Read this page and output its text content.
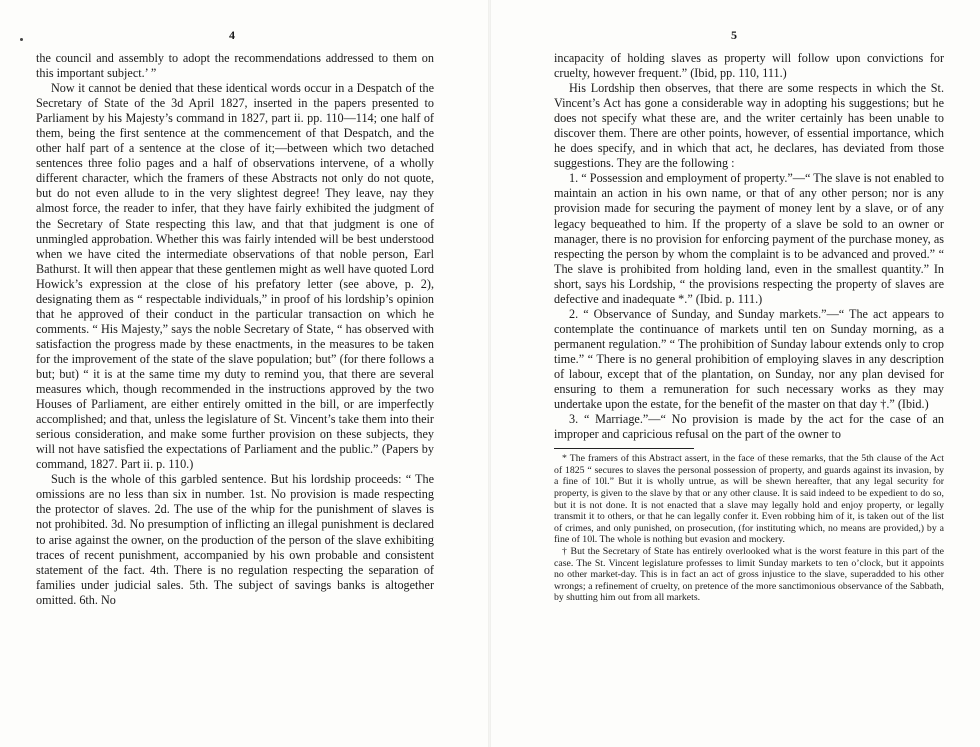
4

the council and assembly to adopt the recommendations addressed to them on this important subject.’ ”

Now it cannot be denied that these identical words occur in a Despatch of the Secretary of State of the 3d April 1827, inserted in the papers presented to Parliament by his Majesty’s command in 1827, part ii. pp. 110—114; one half of them, being the first sentence at the commencement of that Despatch, and the other half part of a sentence at the close of it;—between which two detached sentences three folio pages and a half of observations intervene, of a wholly different character, which the framers of these Abstracts not only do not quote, but do not even allude to in the very slightest degree! They leave, nay they almost force, the reader to infer, that they have fairly exhibited the judgment of the Secretary of State respecting this law, and that that judgment is one of unmingled approbation. Whether this was fairly intended will be best understood when we have cited the intermediate observations of that noble person, Earl Bathurst. It will then appear that these gentlemen might as well have quoted Lord Howick’s expression at the close of his prefatory letter (see above, p. 2), designating them as “ respectable individuals,” in proof of his lordship’s opinion that he approved of their conduct in the particular transaction on which he comments. “ His Majesty,” says the noble Secretary of State, “ has observed with satisfaction the progress made by these enactments, in the measures to be taken for the improvement of the state of the slave population; but” (for there follows a but; but) “ it is at the same time my duty to remind you, that there are several measures which, though recommended in the instructions approved by the two Houses of Parliament, are either entirely omitted in the bill, or are imperfectly accomplished; and that, unless the legislature of St. Vincent’s take them into their serious consideration, and make some further provision on these subjects, they will not have satisfied the expectations of Parliament and the public.” (Papers by command, 1827. Part ii. p. 110.)

Such is the whole of this garbled sentence. But his lordship proceeds: “ The omissions are no less than six in number. 1st. No provision is made respecting the protector of slaves. 2d. The use of the whip for the punishment of slaves is not prohibited. 3d. No presumption of inflicting an illegal punishment is declared to arise against the owner, on the production of the person of the slave exhibiting traces of recent punishment, accompanied by his own probable and consistent statement of the fact. 4th. There is no regulation respecting the separation of families under judicial sales. 5th. The subject of savings banks is altogether omitted. 6th. No

5

incapacity of holding slaves as property will follow upon convictions for cruelty, however frequent.” (Ibid, pp. 110, 111.)

His Lordship then observes, that there are some respects in which the St. Vincent’s Act has gone a considerable way in adopting his suggestions; but he does not specify what these are, and the writer certainly has been unable to discover them. There are other points, however, of essential importance, which he does specify, and in which that act, he declares, has deviated from those suggestions. They are the following :

1. “ Possession and employment of property.”—“ The slave is not enabled to maintain an action in his own name, or that of any other person; nor is any provision made for securing the payment of money lent by a slave, or of any legacy bequeathed to him. If the property of a slave be sold to an owner or manager, there is no provision for enforcing payment of the purchase money, as respecting the person by whom the complaint is to be advanced and proved.” “ The slave is prohibited from holding land, even in the smallest quantity.” In short, says his Lordship, “ the provisions respecting the property of slaves are defective and inadequate *.” (Ibid. p. 111.)

2. “ Observance of Sunday, and Sunday markets.”—“ The act appears to contemplate the continuance of markets until ten on Sunday morning, as a permanent regulation.” “ The prohibition of Sunday labour extends only to crop time.” “ There is no general prohibition of employing slaves in any description of labour, except that of the plantation, on Sunday, nor any plan devised for ensuring to them a remuneration for such necessary works as they may undertake upon the estate, for the benefit of the master on that day †.” (Ibid.)

3. “ Marriage.”—“ No provision is made by the act for the case of an improper and capricious refusal on the part of the owner to

* The framers of this Abstract assert, in the face of these remarks, that the 5th clause of the Act of 1825 “ secures to slaves the personal possession of property, and guards against its invasion, by a fine of 10l.” But it is wholly untrue, as will be shewn hereafter, that any legal security for property, is given to the slave by that or any other clause. It is said indeed to be expedient to do so, but it is not done. It is not enacted that a slave may legally hold and enjoy property, or legally transmit it to others, or that he can legally confer it. Even robbing him of it, is taken out of the list of crimes, and only punished, on prosecution, (for instituting which, no means are provided,) by a fine of 10l. The whole is nothing but evasion and mockery.

† But the Secretary of State has entirely overlooked what is the worst feature in this part of the case. The St. Vincent legislature professes to limit Sunday markets to ten o’clock, but it appoints no other market-day. This is in fact an act of gross injustice to the slave, superadded to his other wrongs; a refinement of cruelty, on pretence of the more sanctimonious observance of the Sabbath, by shutting him out from all markets.
